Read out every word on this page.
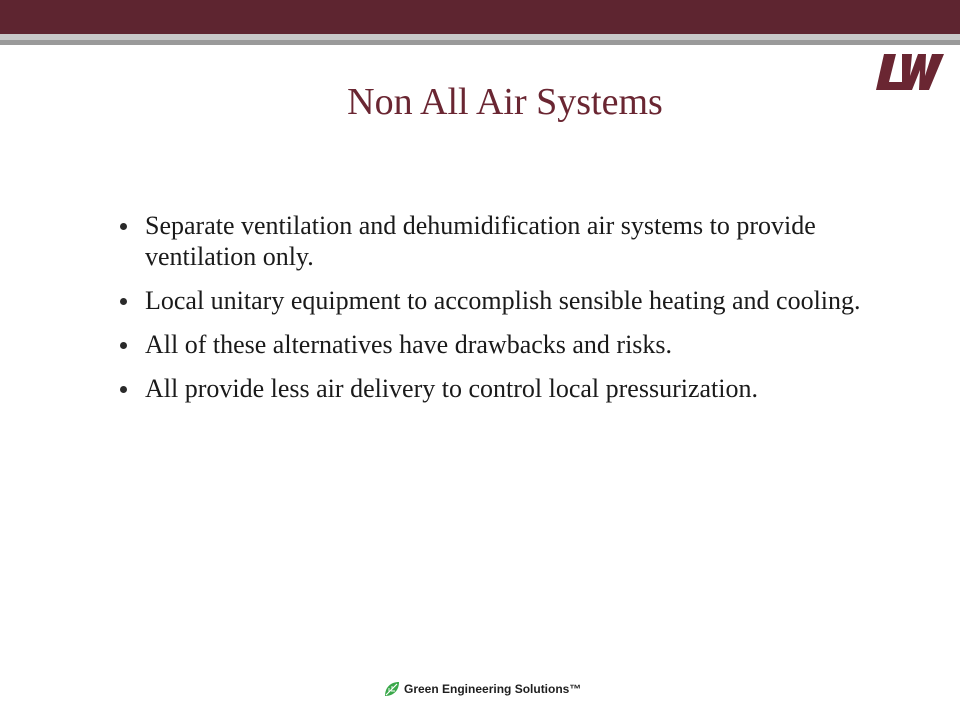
Non All Air Systems
Separate ventilation and dehumidification air systems to provide ventilation only.
Local unitary equipment to accomplish sensible heating and cooling.
All of these alternatives have drawbacks and risks.
All provide less air delivery to control local pressurization.
Green Engineering Solutions™
